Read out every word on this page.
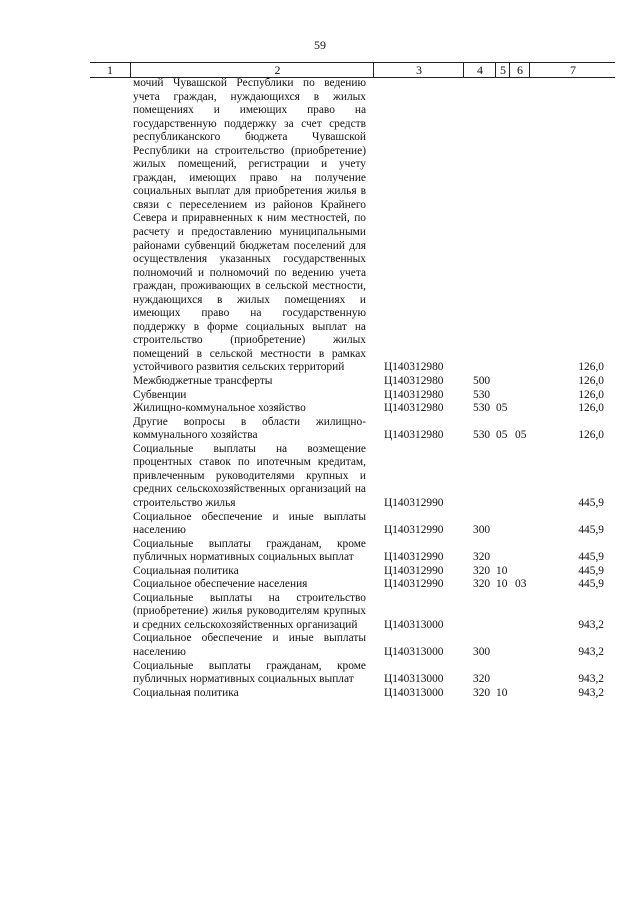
59
1	2	3	4	5 6	7
мочий Чувашской Республики по ведению учета граждан, нуждающихся в жилых помещениях и имеющих право на государственную поддержку за счет средств республиканского бюджета Чувашской Республики на строительство (приобретение) жилых помещений, регистрации и учету граждан, имеющих право на получение социальных выплат для приобретения жилья в связи с переселением из районов Крайнего Севера и приравненных к ним местностей, по расчету и предоставлению муниципальными районами субвенций бюджетам поселений для осуществления указанных государственных полномочий и полномочий по ведению учета граждан, проживающих в сельской местности, нуждающихся в жилых помещениях и имеющих право на государственную поддержку в форме социальных выплат на строительство (приобретение) жилых помещений в сельской местности в рамках устойчивого развития сельских территорий	Ц140312980	126,0
Межбюджетные трансферты	Ц140312980	500	126,0
Субвенции	Ц140312980	530	126,0
Жилищно-коммунальное хозяйство	Ц140312980	530 05	126,0
Другие вопросы в области жилищно-коммунального хозяйства	Ц140312980	530 05 05	126,0
Социальные выплаты на возмещение процентных ставок по ипотечным кредитам, привлеченным руководителями крупных и средних сельскохозяйственных организаций на строительство жилья	Ц140312990	445,9
Социальное обеспечение и иные выплаты населению	Ц140312990	300	445,9
Социальные выплаты гражданам, кроме публичных нормативных социальных выплат	Ц140312990	320	445,9
Социальная политика	Ц140312990	320 10	445,9
Социальное обеспечение населения	Ц140312990	320 10 03	445,9
Социальные выплаты на строительство (приобретение) жилья руководителям крупных и средних сельскохозяйственных организаций	Ц140313000	943,2
Социальное обеспечение и иные выплаты населению	Ц140313000	300	943,2
Социальные выплаты гражданам, кроме публичных нормативных социальных выплат	Ц140313000	320	943,2
Социальная политика	Ц140313000	320 10	943,2
